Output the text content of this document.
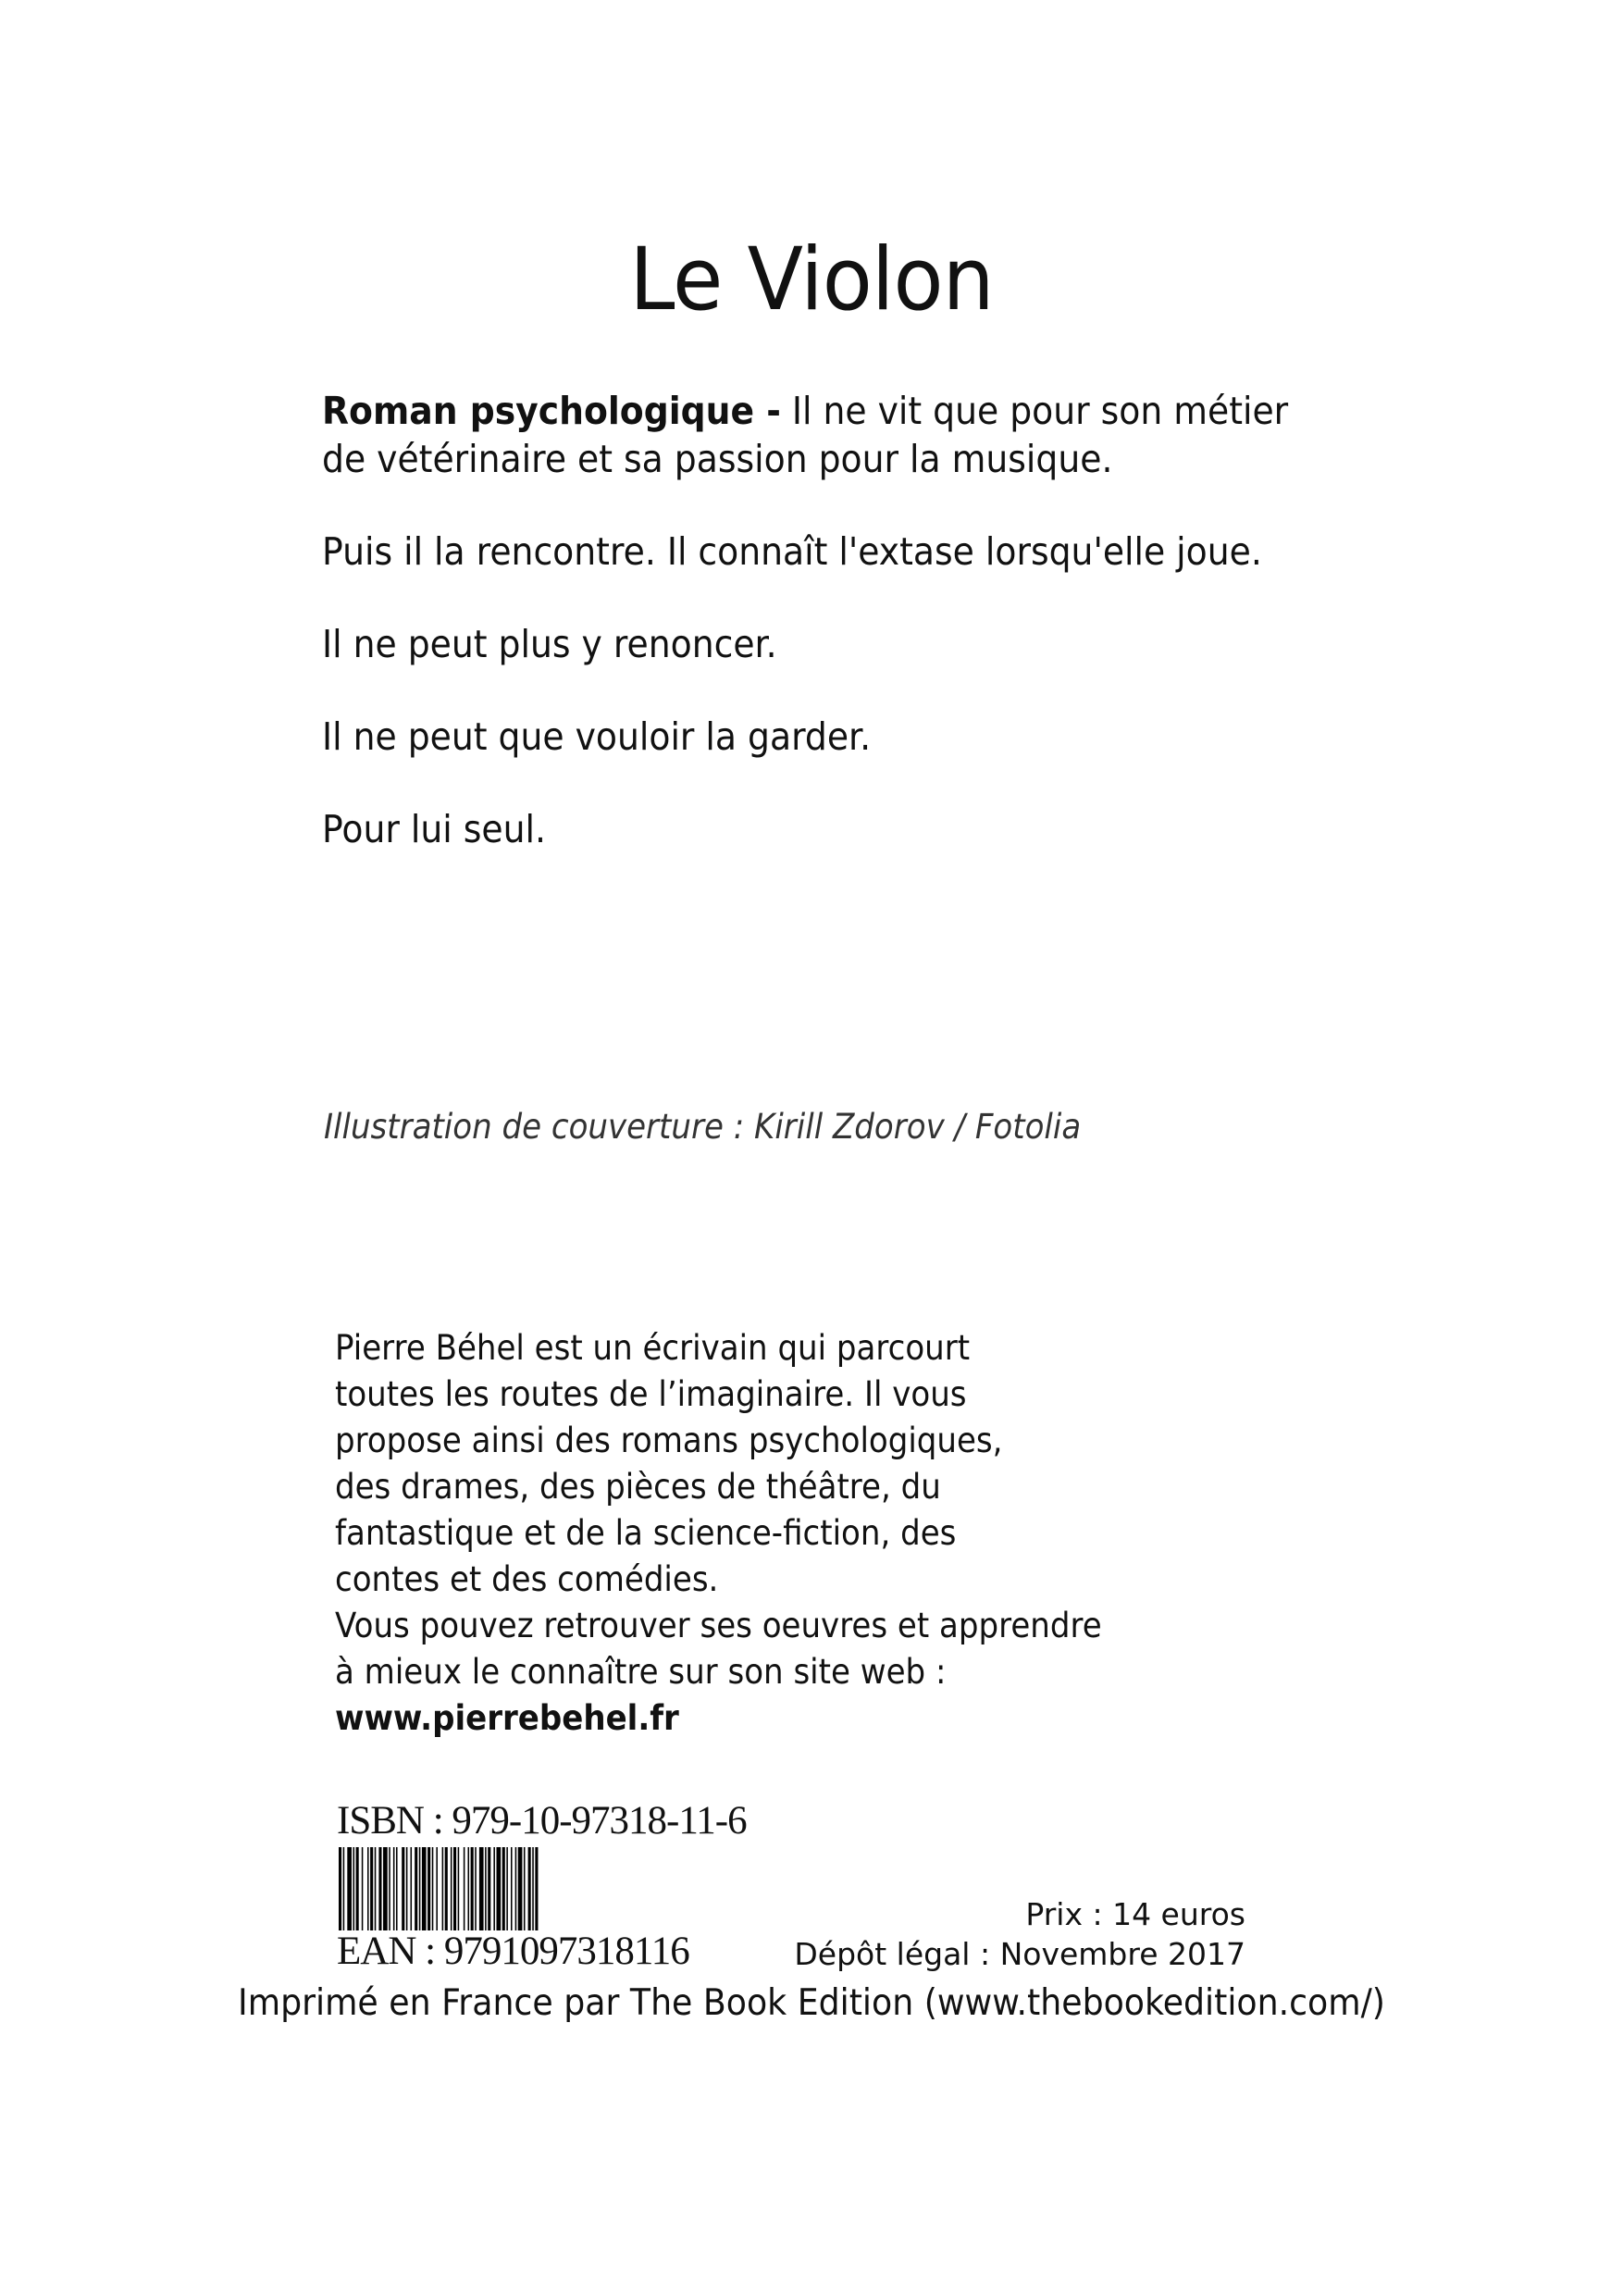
Le Violon

Roman psychologique - Il ne vit que pour son métier de vétérinaire et sa passion pour la musique.

Puis il la rencontre. Il connaît l'extase lorsqu'elle joue.

Il ne peut plus y renoncer.

Il ne peut que vouloir la garder.

Pour lui seul.

Illustration de couverture : Kirill Zdorov / Fotolia
Pierre Béhel est un écrivain qui parcourt
toutes les routes de l’imaginaire. Il vous
propose ainsi des romans psychologiques,
des drames, des pièces de théâtre, du
fantastique et de la science-fiction, des
contes et des comédies.
Vous pouvez retrouver ses oeuvres et apprendre
à mieux le connaître sur son site web :
www.pierrebehel.fr
ISBN : 979-10-97318-11-6
EAN : 9791097318116
Prix : 14 euros
Dépôt légal : Novembre 2017
Imprimé en France par The Book Edition (www.thebookedition.com/)
